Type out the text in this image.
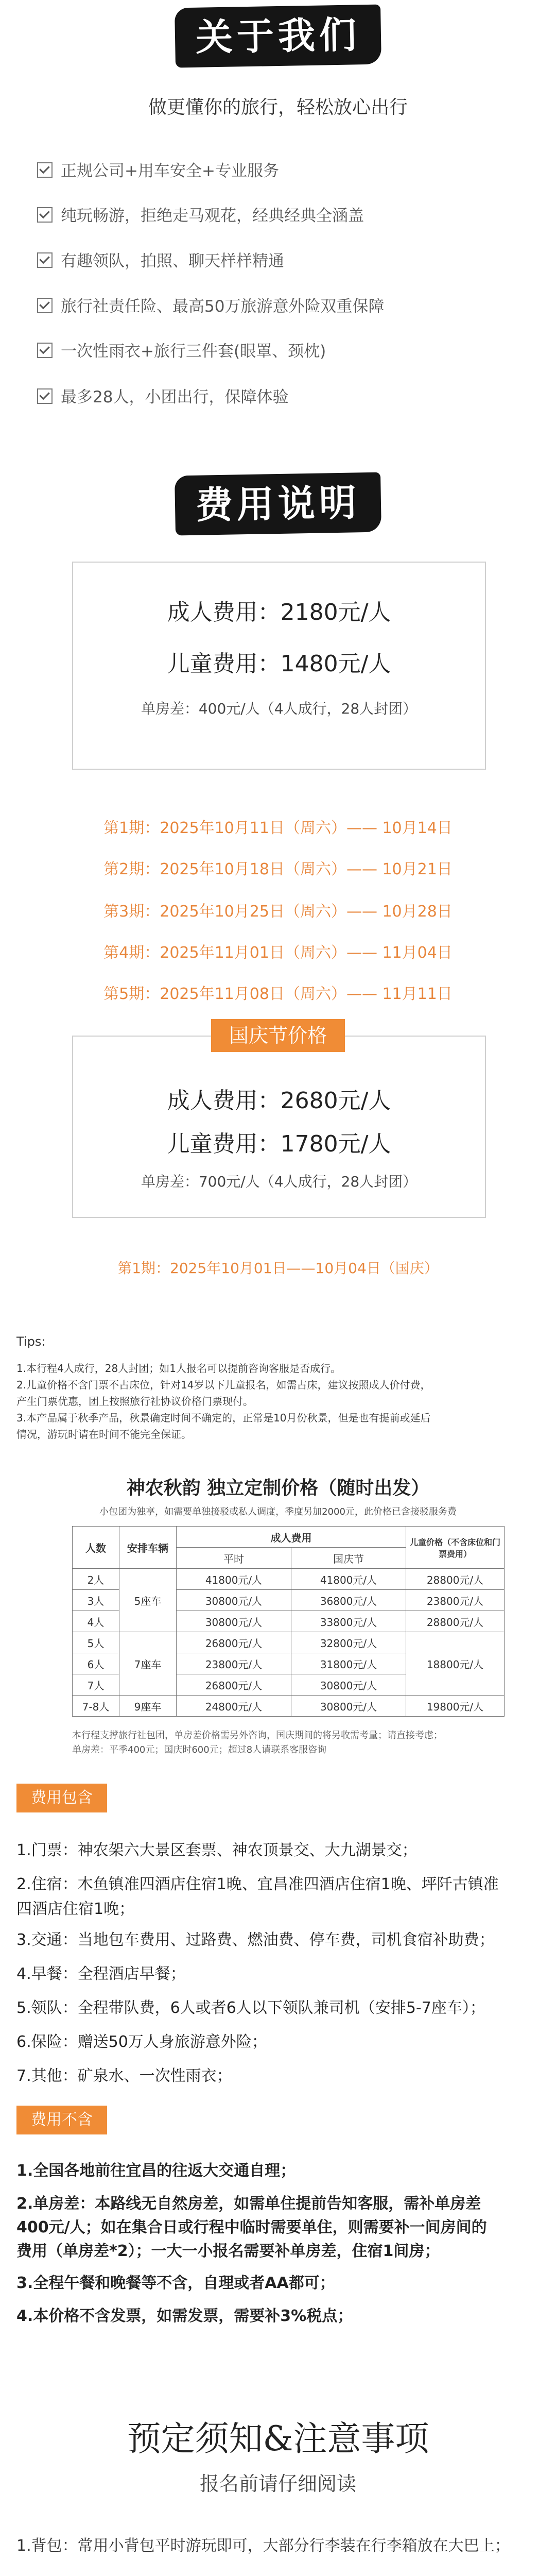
关于我们
做更懂你的旅行，轻松放心出行
正规公司+用车安全+专业服务
纯玩畅游，拒绝走马观花，经典经典全涵盖
有趣领队，拍照、聊天样样精通
旅行社责任险、最高50万旅游意外险双重保障
一次性雨衣+旅行三件套(眼罩、颈枕)
最多28人，小团出行，保障体验
费用说明
成人费用：2180元/人
儿童费用：1480元/人
单房差：400元/人（4人成行，28人封团）
第1期：2025年10月11日（周六）—— 10月14日
第2期：2025年10月18日（周六）—— 10月21日
第3期：2025年10月25日（周六）—— 10月28日
第4期：2025年11月01日（周六）—— 11月04日
第5期：2025年11月08日（周六）—— 11月11日
成人费用：2680元/人
儿童费用：1780元/人
单房差：700元/人（4人成行，28人封团）
国庆节价格
第1期：2025年10月01日——10月04日（国庆）
Tips:
1.本行程4人成行，28人封团；如1人报名可以提前咨询客服是否成行。
2.儿童价格不含门票不占床位，针对14岁以下儿童报名，如需占床，建议按照成人价付费，
产生门票优惠，团上按照旅行社协议价格门票现付。
3.本产品属于秋季产品，秋景确定时间不确定的，正常是10月份秋景，但是也有提前或延后
情况，游玩时请在时间不能完全保证。
神农秋韵 独立定制价格（随时出发）
小包团为独享，如需要单独接驳或私人调度，季度另加2000元，此价格已含接驳服务费
人数	安排车辆	成人费用		儿童价格（不含床位和门票费用）
		平时	国庆节	
2人	5座车	41800元/人	41800元/人	28800元/人
3人		30800元/人	36800元/人	23800元/人
4人		30800元/人	33800元/人	28800元/人
5人	7座车	26800元/人	32800元/人	18800元/人
6人		23800元/人	31800元/人	
7人		26800元/人	30800元/人	
7-8人	9座车	24800元/人	30800元/人	19800元/人
本行程支撑旅行社包团，单房差价格需另外咨询，国庆期间的将另收需考量；请直接考虑；
单房差：平季400元；国庆时600元；超过8人请联系客服咨询
费用包含
1.门票：神农架六大景区套票、神农顶景交、大九湖景交；
2.住宿：木鱼镇准四酒店住宿1晚、宜昌准四酒店住宿1晚、坪阡古镇准
四酒店住宿1晚；
3.交通：当地包车费用、过路费、燃油费、停车费，司机食宿补助费；
4.早餐：全程酒店早餐；
5.领队：全程带队费，6人或者6人以下领队兼司机（安排5-7座车）；
6.保险：赠送50万人身旅游意外险；
7.其他：矿泉水、一次性雨衣；
费用不含
1.全国各地前往宜昌的往返大交通自理；
2.单房差：本路线无自然房差，如需单住提前告知客服，需补单房差
400元/人；如在集合日或行程中临时需要单住，则需要补一间房间的
费用（单房差*2）；一大一小报名需要补单房差，住宿1间房；
3.全程午餐和晚餐等不含，自理或者AA都可；
4.本价格不含发票，如需发票，需要补3%税点；
预定须知&注意事项
报名前请仔细阅读
1.背包：常用小背包平时游玩即可，大部分行李装在行李箱放在大巴上；
